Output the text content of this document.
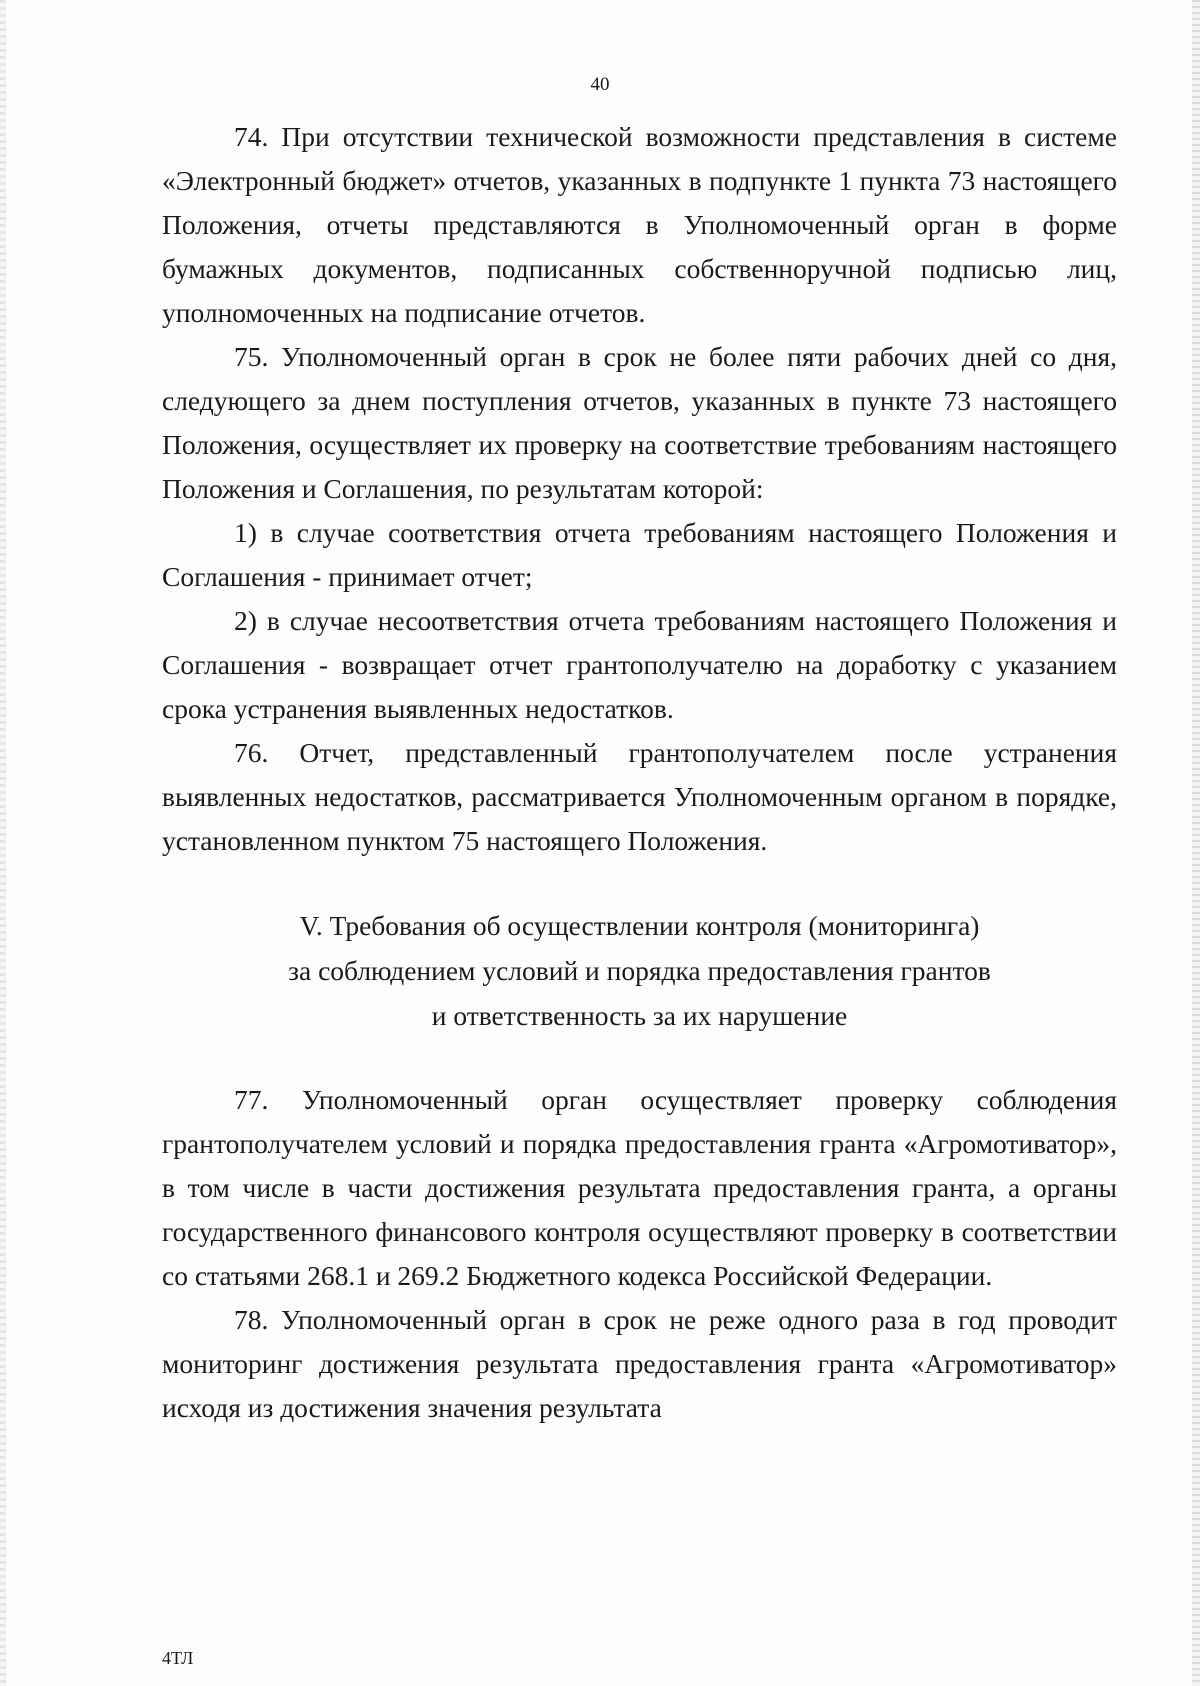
40

74. При отсутствии технической возможности представления в системе «Электронный бюджет» отчетов, указанных в подпункте 1 пункта 73 настоящего Положения, отчеты представляются в Уполномоченный орган в форме бумажных документов, подписанных собственноручной подписью лиц, уполномоченных на подписание отчетов.

75. Уполномоченный орган в срок не более пяти рабочих дней со дня, следующего за днем поступления отчетов, указанных в пункте 73 настоящего Положения, осуществляет их проверку на соответствие требованиям настоящего Положения и Соглашения, по результатам которой:

1) в случае соответствия отчета требованиям настоящего Положения и Соглашения - принимает отчет;

2) в случае несоответствия отчета требованиям настоящего Положения и Соглашения - возвращает отчет грантополучателю на доработку с указанием срока устранения выявленных недостатков.

76. Отчет, представленный грантополучателем после устранения выявленных недостатков, рассматривается Уполномоченным органом в порядке, установленном пунктом 75 настоящего Положения.

V. Требования об осуществлении контроля (мониторинга)
за соблюдением условий и порядка предоставления грантов
и ответственность за их нарушение

77. Уполномоченный орган осуществляет проверку соблюдения грантополучателем условий и порядка предоставления гранта «Агромотиватор», в том числе в части достижения результата предоставления гранта, а органы государственного финансового контроля осуществляют проверку в соответствии со статьями 268.1 и 269.2 Бюджетного кодекса Российской Федерации.

78. Уполномоченный орган в срок не реже одного раза в год проводит мониторинг достижения результата предоставления гранта «Агромотиватор» исходя из достижения значения результата

4ТЛ
